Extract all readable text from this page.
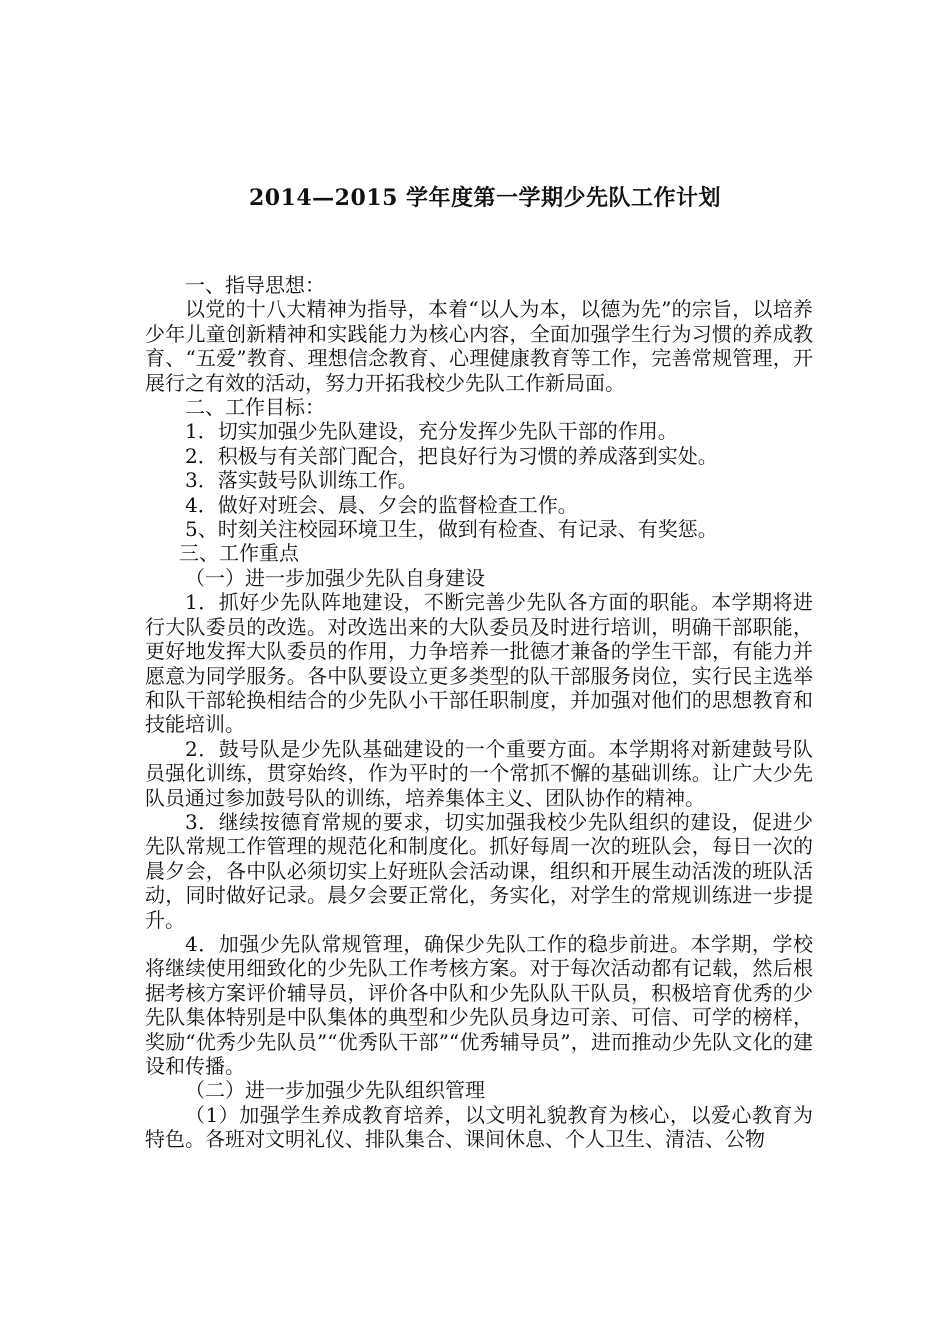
2014—2015 学年度第一学期少先队工作计划

一、指导思想：

以党的十八大精神为指导，本着“以人为本，以德为先”的宗旨，以培养少年儿童创新精神和实践能力为核心内容，全面加强学生行为习惯的养成教育、“五爱”教育、理想信念教育、心理健康教育等工作，完善常规管理，开展行之有效的活动，努力开拓我校少先队工作新局面。

二、工作目标：

1．切实加强少先队建设，充分发挥少先队干部的作用。

2．积极与有关部门配合，把良好行为习惯的养成落到实处。

3．落实鼓号队训练工作。

4．做好对班会、晨、夕会的监督检查工作。

5、时刻关注校园环境卫生，做到有检查、有记录、有奖惩。

三、工作重点

（一）进一步加强少先队自身建设

1．抓好少先队阵地建设，不断完善少先队各方面的职能。本学期将进行大队委员的改选。对改选出来的大队委员及时进行培训，明确干部职能，更好地发挥大队委员的作用，力争培养一批德才兼备的学生干部，有能力并愿意为同学服务。各中队要设立更多类型的队干部服务岗位，实行民主选举和队干部轮换相结合的少先队小干部任职制度，并加强对他们的思想教育和技能培训。

2．鼓号队是少先队基础建设的一个重要方面。本学期将对新建鼓号队员强化训练，贯穿始终，作为平时的一个常抓不懈的基础训练。让广大少先队员通过参加鼓号队的训练，培养集体主义、团队协作的精神。

3．继续按德育常规的要求，切实加强我校少先队组织的建设，促进少先队常规工作管理的规范化和制度化。抓好每周一次的班队会，每日一次的晨夕会，各中队必须切实上好班队会活动课，组织和开展生动活泼的班队活动，同时做好记录。晨夕会要正常化，务实化，对学生的常规训练进一步提升。

4．加强少先队常规管理，确保少先队工作的稳步前进。本学期，学校将继续使用细致化的少先队工作考核方案。对于每次活动都有记载，然后根据考核方案评价辅导员，评价各中队和少先队队干队员，积极培育优秀的少先队集体特别是中队集体的典型和少先队员身边可亲、可信、可学的榜样，奖励“优秀少先队员”“优秀队干部”“优秀辅导员”，进而推动少先队文化的建设和传播。

（二）进一步加强少先队组织管理

（1）加强学生养成教育培养，以文明礼貌教育为核心，以爱心教育为特色。各班对文明礼仪、排队集合、课间休息、个人卫生、清洁、公物
